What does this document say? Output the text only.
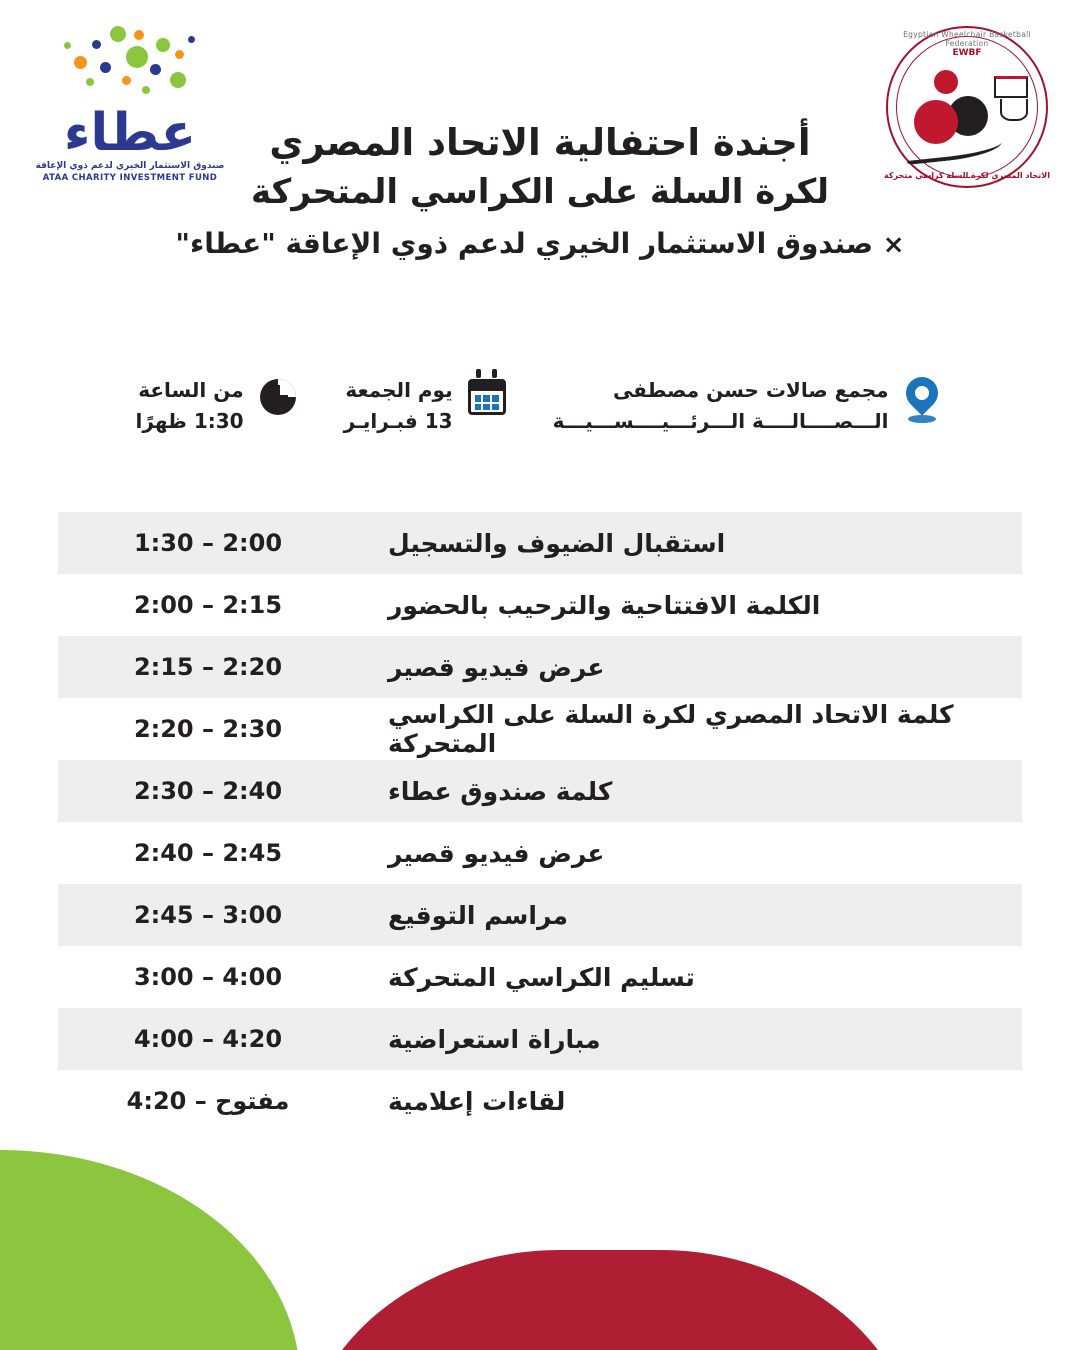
Egyptian Wheelchair Basketball Federation
EWBF
الاتحاد المصري لكرة السلة كراسي متحركة
عطاء
صندوق الاستثمار الخيري لدعم ذوي الإعاقة
ATAA CHARITY INVESTMENT FUND
أجندة احتفالية الاتحاد المصري
لكرة السلة على الكراسي المتحركة
× صندوق الاستثمار الخيري لدعم ذوي الإعاقة "عطاء"
مجمع صالات حسن مصطفى
الـــصــــالــــة الـــرئـــيــــســـيـــة
يوم الجمعة
13 فبـرايـر
من الساعة
1:30 ظهرًا
استقبال الضيوف والتسجيل
1:30 – 2:00
الكلمة الافتتاحية والترحيب بالحضور
2:00 – 2:15
عرض فيديو قصير
2:15 – 2:20
كلمة الاتحاد المصري لكرة السلة على الكراسي المتحركة
2:20 – 2:30
كلمة صندوق عطاء
2:30 – 2:40
عرض فيديو قصير
2:40 – 2:45
مراسم التوقيع
2:45 – 3:00
تسليم الكراسي المتحركة
3:00 – 4:00
مباراة استعراضية
4:00 – 4:20
لقاءات إعلامية
4:20 – مفتوح
